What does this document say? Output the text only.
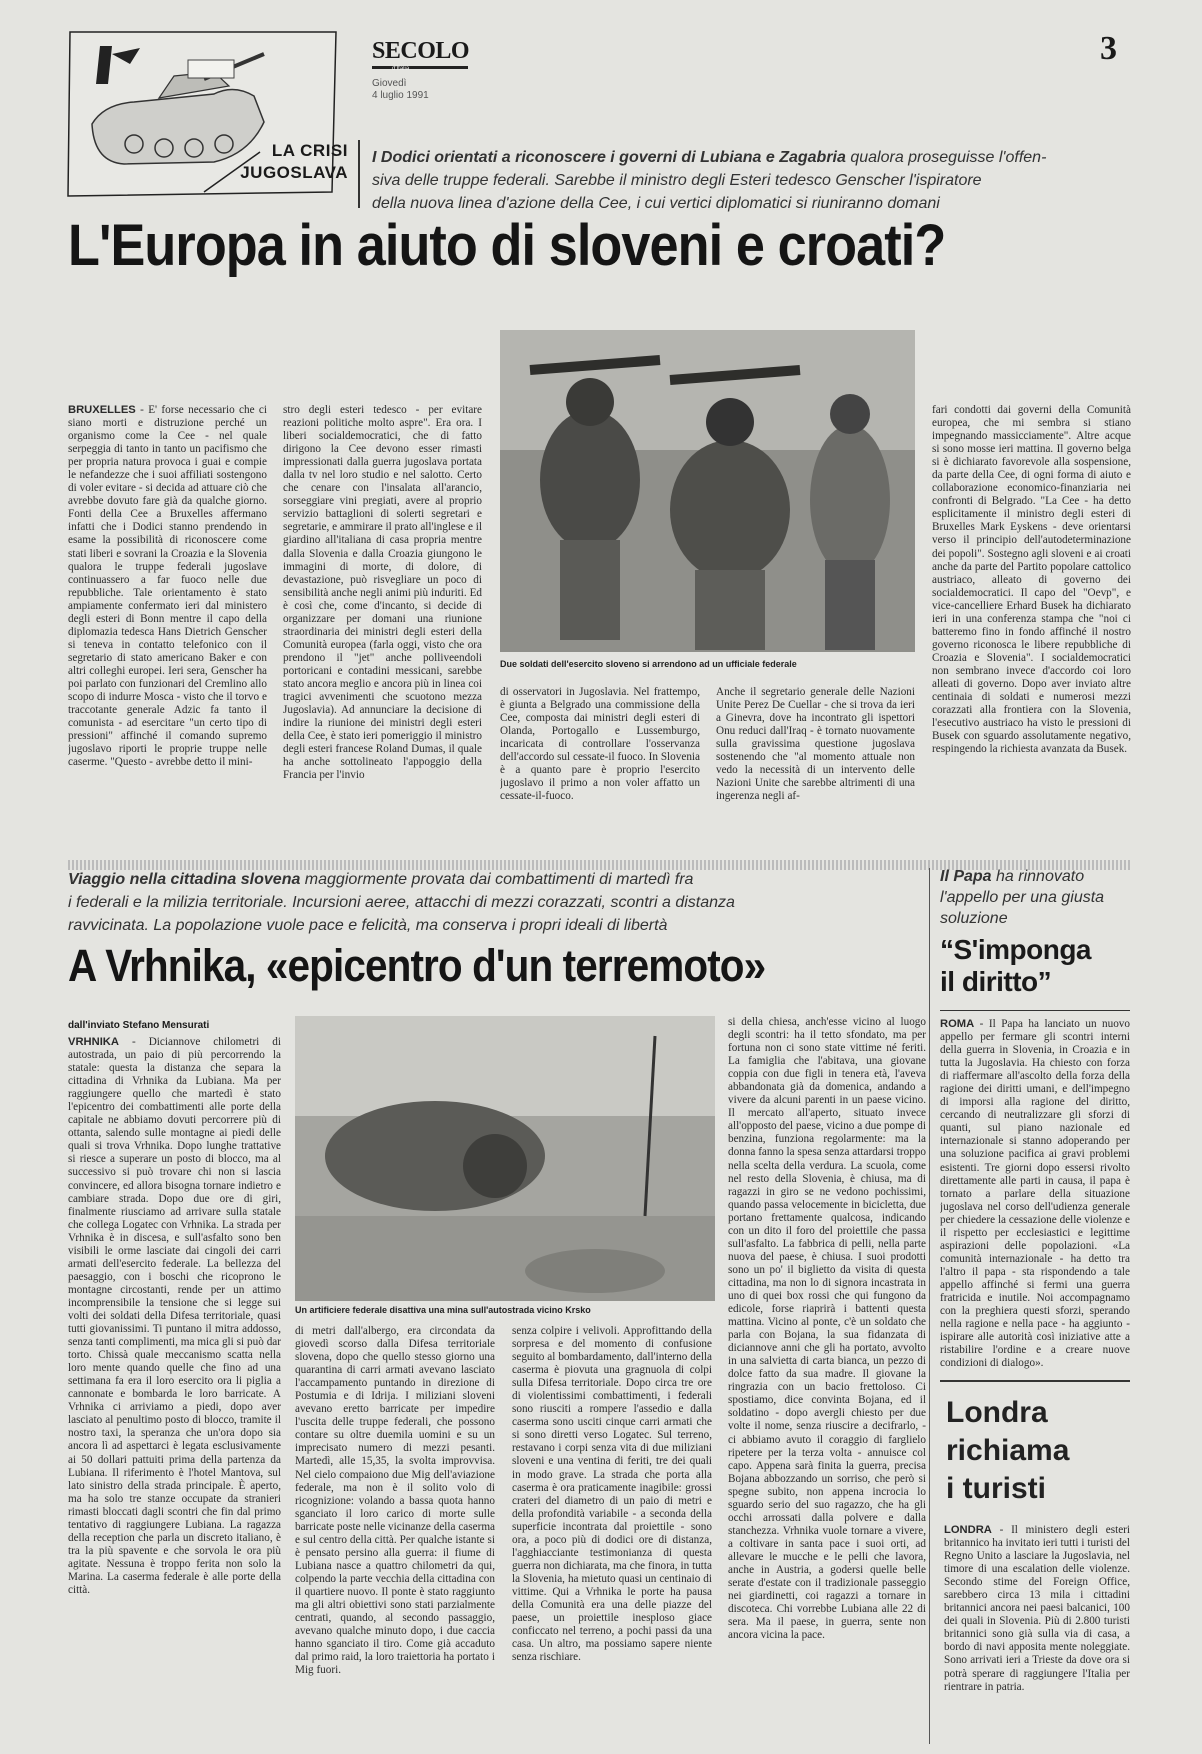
LA CRISI
JUGOSLAVA
SECOLO
d'Italia
Giovedì
4 luglio 1991
3
I Dodici orientati a riconoscere i governi di Lubiana e Zagabria qualora proseguisse l'offen-
siva delle truppe federali. Sarebbe il ministro degli Esteri tedesco Genscher l'ispiratore
della nuova linea d'azione della Cee, i cui vertici diplomatici si riuniranno domani
L'Europa in aiuto di sloveni e croati?
Due soldati dell'esercito sloveno si arrendono ad un ufficiale federale
BRUXELLES - E' forse necessario che ci siano morti e distruzione perché un organismo come la Cee - nel quale serpeggia di tanto in tanto un pacifismo che per propria natura provoca i guai e compie le nefandezze che i suoi affiliati sostengono di voler evitare - si decida ad attuare ciò che avrebbe dovuto fare già da qualche giorno. Fonti della Cee a Bruxelles affermano infatti che i Dodici stanno prendendo in esame la possibilità di riconoscere come stati liberi e sovrani la Croazia e la Slovenia qualora le truppe federali jugoslave continuassero a far fuoco nelle due repubbliche. Tale orientamento è stato ampiamente confermato ieri dal ministero degli esteri di Bonn mentre il capo della diplomazia tedesca Hans Dietrich Genscher si teneva in contatto telefonico con il segretario di stato americano Baker e con altri colleghi europei. Ieri sera, Genscher ha poi parlato con funzionari del Cremlino allo scopo di indurre Mosca - visto che il torvo e traccotante generale Adzic fa tanto il comunista - ad esercitare "un certo tipo di pressioni" affinché il comando supremo jugoslavo riporti le proprie truppe nelle caserme. "Questo - avrebbe detto il mini-
stro degli esteri tedesco - per evitare reazioni politiche molto aspre". Era ora. I liberi socialdemocratici, che di fatto dirigono la Cee devono esser rimasti impressionati dalla guerra jugoslava portata dalla tv nel loro studio e nel salotto. Certo che cenare con l'insalata all'arancio, sorseggiare vini pregiati, avere al proprio servizio battaglioni di solerti segretari e segretarie, e ammirare il prato all'inglese e il giardino all'italiana di casa propria mentre dalla Slovenia e dalla Croazia giungono le immagini di morte, di dolore, di devastazione, può risvegliare un poco di sensibilità anche negli animi più induriti. Ed è così che, come d'incanto, si decide di organizzare per domani una riunione straordinaria dei ministri degli esteri della Comunità europea (farla oggi, visto che ora prendono il "jet" anche polliveendoli portoricani e contadini messicani, sarebbe stato ancora meglio e ancora più in linea coi tragici avvenimenti che scuotono mezza Jugoslavia). Ad annunciare la decisione di indire la riunione dei ministri degli esteri della Cee, è stato ieri pomeriggio il ministro degli esteri francese Roland Dumas, il quale ha anche sottolineato l'appoggio della Francia per l'invio
di osservatori in Jugoslavia. Nel frattempo, è giunta a Belgrado una commissione della Cee, composta dai ministri degli esteri di Olanda, Portogallo e Lussemburgo, incaricata di controllare l'osservanza dell'accordo sul cessate-il fuoco. In Slovenia è a quanto pare è proprio l'esercito jugoslavo il primo a non voler affatto un cessate-il-fuoco.
Anche il segretario generale delle Nazioni Unite Perez De Cuellar - che si trova da ieri a Ginevra, dove ha incontrato gli ispettori Onu reduci dall'Iraq - è tornato nuovamente sulla gravissima questione jugoslava sostenendo che "al momento attuale non vedo la necessità di un intervento delle Nazioni Unite che sarebbe altrimenti di una ingerenza negli af-
fari condotti dai governi della Comunità europea, che mi sembra si stiano impegnando massicciamente". Altre acque si sono mosse ieri mattina. Il governo belga si è dichiarato favorevole alla sospensione, da parte della Cee, di ogni forma di aiuto e collaborazione economico-finanziaria nei confronti di Belgrado. "La Cee - ha detto esplicitamente il ministro degli esteri di Bruxelles Mark Eyskens - deve orientarsi verso il principio dell'autodeterminazione dei popoli". Sostegno agli sloveni e ai croati anche da parte del Partito popolare cattolico austriaco, alleato di governo dei socialdemocratici. Il capo del "Oevp", e vice-cancelliere Erhard Busek ha dichiarato ieri in una conferenza stampa che "noi ci batteremo fino in fondo affinché il nostro governo riconosca le libere repubbliche di Croazia e Slovenia". I socialdemocratici non sembrano invece d'accordo coi loro alleati di governo. Dopo aver inviato altre centinaia di soldati e numerosi mezzi corazzati alla frontiera con la Slovenia, l'esecutivo austriaco ha visto le pressioni di Busek con sguardo assolutamente negativo, respingendo la richiesta avanzata da Busek.
Viaggio nella cittadina slovena maggiormente provata dai combattimenti di martedì fra
i federali e la milizia territoriale. Incursioni aeree, attacchi di mezzi corazzati, scontri a distanza
ravvicinata. La popolazione vuole pace e felicità, ma conserva i propri ideali di libertà
A Vrhnika, «epicentro d'un terremoto»
dall'inviato Stefano Mensurati
Un artificiere federale disattiva una mina sull'autostrada vicino Krsko
VRHNIKA - Diciannove chilometri di autostrada, un paio di più percorrendo la statale: questa la distanza che separa la cittadina di Vrhnika da Lubiana. Ma per raggiungere quello che martedì è stato l'epicentro dei combattimenti alle porte della capitale ne abbiamo dovuti percorrere più di ottanta, salendo sulle montagne ai piedi delle quali si trova Vrhnika. Dopo lunghe trattative si riesce a superare un posto di blocco, ma al successivo si può trovare chi non si lascia convincere, ed allora bisogna tornare indietro e cambiare strada. Dopo due ore di giri, finalmente riusciamo ad arrivare sulla statale che collega Logatec con Vrhnika. La strada per Vrhnika è in discesa, e sull'asfalto sono ben visibili le orme lasciate dai cingoli dei carri armati dell'esercito federale. La bellezza del paesaggio, con i boschi che ricoprono le montagne circostanti, rende per un attimo incomprensibile la tensione che si legge sui volti dei soldati della Difesa territoriale, quasi tutti giovanissimi. Ti puntano il mitra addosso, senza tanti complimenti, ma mica gli si può dar torto. Chissà quale meccanismo scatta nella loro mente quando quelle che fino ad una settimana fa era il loro esercito ora li piglia a cannonate e bombarda le loro barricate. A Vrhnika ci arriviamo a piedi, dopo aver lasciato al penultimo posto di blocco, tramite il nostro taxi, la speranza che un'ora dopo sia ancora lì ad aspettarci è legata esclusivamente ai 50 dollari pattuiti prima della partenza da Lubiana. Il riferimento è l'hotel Mantova, sul lato sinistro della strada principale. È aperto, ma ha solo tre stanze occupate da stranieri rimasti bloccati dagli scontri che fin dal primo tentativo di raggiungere Lubiana. La ragazza della reception che parla un discreto italiano, è tra la più spavente e che sorvola le ora più agitate. Nessuna è troppo ferita non solo la Marina. La caserma federale è alle porte della città.
di metri dall'albergo, era circondata da giovedì scorso dalla Difesa territoriale slovena, dopo che quello stesso giorno una quarantina di carri armati avevano lasciato l'accampamento puntando in direzione di Postumia e di Idrija. I miliziani sloveni avevano eretto barricate per impedire l'uscita delle truppe federali, che possono contare su oltre duemila uomini e su un imprecisato numero di mezzi pesanti. Martedì, alle 15,35, la svolta improvvisa. Nel cielo compaiono due Mig dell'aviazione federale, ma non è il solito volo di ricognizione: volando a bassa quota hanno sganciato il loro carico di morte sulle barricate poste nelle vicinanze della caserma e sul centro della città. Per qualche istante si è pensato persino alla guerra: il fiume di Lubiana nasce a quattro chilometri da qui, colpendo la parte vecchia della cittadina con il quartiere nuovo. Il ponte è stato raggiunto ma gli altri obiettivi sono stati parzialmente centrati, quando, al secondo passaggio, avevano qualche minuto dopo, i due caccia hanno sganciato il tiro. Come già accaduto dal primo raid, la loro traiettoria ha portato i Mig fuori.
senza colpire i velivoli. Approfittando della sorpresa e del momento di confusione seguito al bombardamento, dall'interno della caserma è piovuta una gragnuola di colpi sulla Difesa territoriale. Dopo circa tre ore di violentissimi combattimenti, i federali sono riusciti a rompere l'assedio e dalla caserma sono usciti cinque carri armati che si sono diretti verso Logatec. Sul terreno, restavano i corpi senza vita di due miliziani sloveni e una ventina di feriti, tre dei quali in modo grave. La strada che porta alla caserma è ora praticamente inagibile: grossi crateri del diametro di un paio di metri e della profondità variabile - a seconda della superficie incontrata dal proiettile - sono ora, a poco più di dodici ore di distanza, l'agghiacciante testimonianza di questa guerra non dichiarata, ma che finora, in tutta la Slovenia, ha mietuto quasi un centinaio di vittime. Qui a Vrhnika le porte ha pausa della Comunità era una delle piazze del paese, un proiettile inesploso giace conficcato nel terreno, a pochi passi da una casa. Un altro, ma possiamo sapere niente senza rischiare.
si della chiesa, anch'esse vicino al luogo degli scontri: ha il tetto sfondato, ma per fortuna non ci sono state vittime né feriti. La famiglia che l'abitava, una giovane coppia con due figli in tenera età, l'aveva abbandonata già da domenica, andando a vivere da alcuni parenti in un paese vicino. Il mercato all'aperto, situato invece all'opposto del paese, vicino a due pompe di benzina, funziona regolarmente: ma la donna fanno la spesa senza attardarsi troppo nella scelta della verdura. La scuola, come nel resto della Slovenia, è chiusa, ma di ragazzi in giro se ne vedono pochissimi, quando passa velocemente in bicicletta, due portano frettamente qualcosa, indicando con un dito il foro del proiettile che passa sull'asfalto. La fabbrica di pelli, nella parte nuova del paese, è chiusa. I suoi prodotti sono un po' il biglietto da visita di questa cittadina, ma non lo di signora incastrata in uno di quei box rossi che qui fungono da edicole, forse riaprirà i battenti questa mattina. Vicino al ponte, c'è un soldato che parla con Bojana, la sua fidanzata di diciannove anni che gli ha portato, avvolto in una salvietta di carta bianca, un pezzo di dolce fatto da sua madre. Il giovane la ringrazia con un bacio frettoloso. Ci spostiamo, dice convinta Bojana, ed il soldatino - dopo avergli chiesto per due volte il nome, senza riuscire a decifrarlo, - ci abbiamo avuto il coraggio di farglielo ripetere per la terza volta - annuisce col capo. Appena sarà finita la guerra, precisa Bojana abbozzando un sorriso, che però si spegne subito, non appena incrocia lo sguardo serio del suo ragazzo, che ha gli occhi arrossati dalla polvere e dalla stanchezza. Vrhnika vuole tornare a vivere, a coltivare in santa pace i suoi orti, ad allevare le mucche e le pelli che lavora, anche in Austria, a godersi quelle belle serate d'estate con il tradizionale passeggio nei giardinetti, coi ragazzi a tornare in discoteca. Chi vorrebbe Lubiana alle 22 di sera. Ma il paese, in guerra, sente non ancora vicina la pace.
Il Papa ha rinnovato l'appello per una giusta soluzione
“S'imponga
il diritto”
ROMA - Il Papa ha lanciato un nuovo appello per fermare gli scontri interni della guerra in Slovenia, in Croazia e in tutta la Jugoslavia. Ha chiesto con forza di riaffermare all'ascolto della forza della ragione dei diritti umani, e dell'impegno di imporsi alla ragione del diritto, cercando di neutralizzare gli sforzi di quanti, sul piano nazionale ed internazionale si stanno adoperando per una soluzione pacifica ai gravi problemi esistenti. Tre giorni dopo essersi rivolto direttamente alle parti in causa, il papa è tornato a parlare della situazione jugoslava nel corso dell'udienza generale per chiedere la cessazione delle violenze e il rispetto per ecclesiastici e legittime aspirazioni delle popolazioni. «La comunità internazionale - ha detto tra l'altro il papa - sta rispondendo a tale appello affinché si fermi una guerra fratricida e inutile. Noi accompagnamo con la preghiera questi sforzi, sperando nella ragione e nella pace - ha aggiunto - ispirare alle autorità così iniziative atte a ristabilire l'ordine e a creare nuove condizioni di dialogo».
Londra
richiama
i turisti
LONDRA - Il ministero degli esteri britannico ha invitato ieri tutti i turisti del Regno Unito a lasciare la Jugoslavia, nel timore di una escalation delle violenze. Secondo stime del Foreign Office, sarebbero circa 13 mila i cittadini britannici ancora nei paesi balcanici, 100 dei quali in Slovenia. Più di 2.800 turisti britannici sono già sulla via di casa, a bordo di navi apposita mente noleggiate. Sono arrivati ieri a Trieste da dove ora si potrà sperare di raggiungere l'Italia per rientrare in patria.
